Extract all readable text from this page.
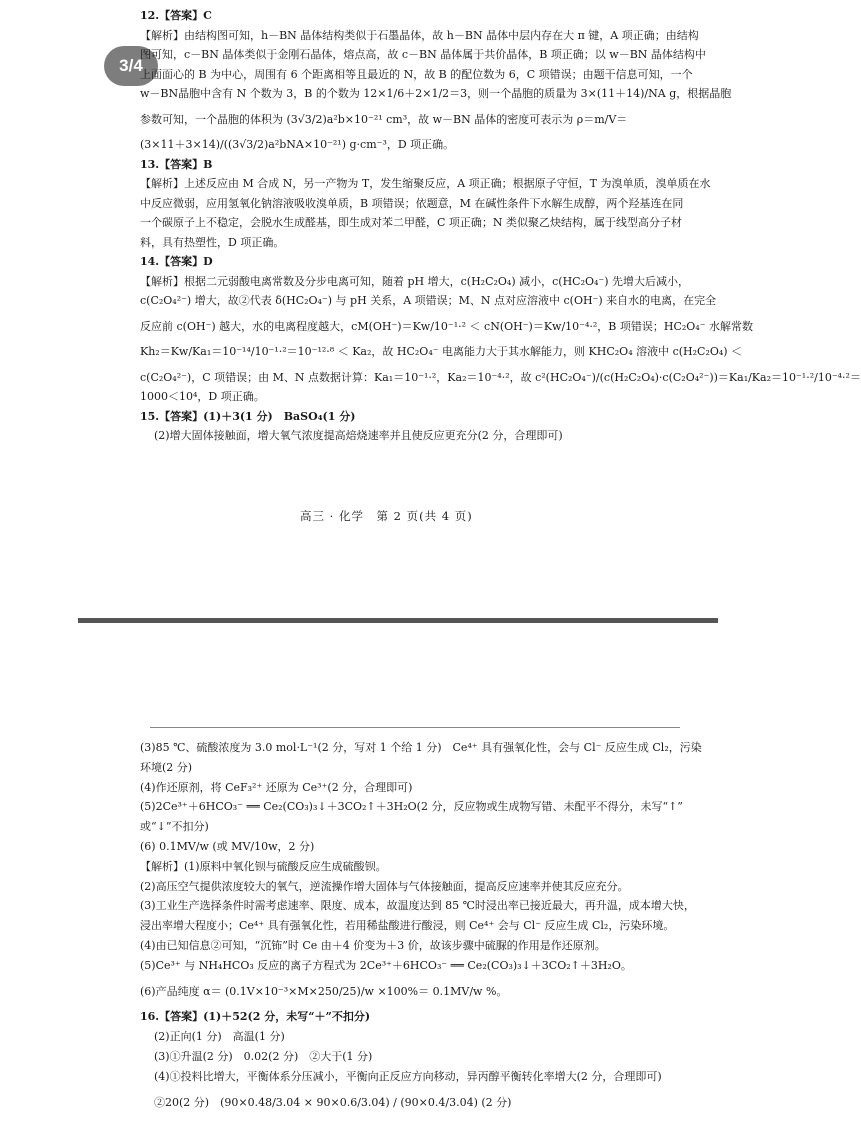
3/4
12.【答案】C
【解析】由结构图可知，h－BN 晶体结构类似于石墨晶体，故 h－BN 晶体中层内存在大 π 键，A 项正确；由结构
图可知，c－BN 晶体类似于金刚石晶体，熔点高，故 c－BN 晶体属于共价晶体，B 项正确；以 w－BN 晶体结构中
上面面心的 B 为中心，周围有 6 个距离相等且最近的 N，故 B 的配位数为 6，C 项错误；由题干信息可知，一个
w－BN晶胞中含有 N 个数为 3，B 的个数为 12×1/6＋2×1/2＝3，则一个晶胞的质量为 3×(11＋14)/NA g，根据晶胞
参数可知，一个晶胞的体积为 (3√3/2)a²b×10⁻²¹ cm³，故 w－BN 晶体的密度可表示为 ρ＝m/V＝
(3×11＋3×14)/((3√3/2)a²bNA×10⁻²¹) g·cm⁻³，D 项正确。
13.【答案】B
【解析】上述反应由 M 合成 N，另一产物为 T，发生缩聚反应，A 项正确；根据原子守恒，T 为溴单质，溴单质在水
中反应微弱，应用氢氧化钠溶液吸收溴单质，B 项错误；依题意，M 在碱性条件下水解生成醇，两个羟基连在同
一个碳原子上不稳定，会脱水生成醛基，即生成对苯二甲醛，C 项正确；N 类似聚乙炔结构，属于线型高分子材
料，具有热塑性，D 项正确。
14.【答案】D
【解析】根据二元弱酸电离常数及分步电离可知，随着 pH 增大，c(H₂C₂O₄) 减小，c(HC₂O₄⁻) 先增大后减小，
c(C₂O₄²⁻) 增大，故②代表 δ(HC₂O₄⁻) 与 pH 关系，A 项错误；M、N 点对应溶液中 c(OH⁻) 来自水的电离，在完全
反应前 c(OH⁻) 越大，水的电离程度越大，cM(OH⁻)＝Kw/10⁻¹·² ＜ cN(OH⁻)＝Kw/10⁻⁴·²，B 项错误；HC₂O₄⁻ 水解常数
Kh₂＝Kw/Ka₁＝10⁻¹⁴/10⁻¹·²＝10⁻¹²·⁸ ＜ Ka₂，故 HC₂O₄⁻ 电离能力大于其水解能力，则 KHC₂O₄ 溶液中 c(H₂C₂O₄) ＜
c(C₂O₄²⁻)，C 项错误；由 M、N 点数据计算：Ka₁＝10⁻¹·²，Ka₂＝10⁻⁴·²，故 c²(HC₂O₄⁻)/(c(H₂C₂O₄)·c(C₂O₄²⁻))＝Ka₁/Ka₂＝10⁻¹·²/10⁻⁴·²＝
1000＜10⁴，D 项正确。
15.【答案】(1)＋3(1 分)　BaSO₄(1 分)
(2)增大固体接触面，增大氧气浓度提高焙烧速率并且使反应更充分(2 分，合理即可)
高三 · 化学　第 2 页(共 4 页)
(3)85 ℃、硫酸浓度为 3.0 mol·L⁻¹(2 分，写对 1 个给 1 分)　Ce⁴⁺ 具有强氧化性，会与 Cl⁻ 反应生成 Cl₂，污染
环境(2 分)
(4)作还原剂，将 CeF₃²⁺ 还原为 Ce³⁺(2 分，合理即可)
(5)2Ce³⁺＋6HCO₃⁻ ══ Ce₂(CO₃)₃↓＋3CO₂↑＋3H₂O(2 分，反应物或生成物写错、未配平不得分，未写“↑”
或“↓”不扣分)
(6) 0.1MV/w (或 MV/10w，2 分)
【解析】(1)原料中氧化钡与硫酸反应生成硫酸钡。
(2)高压空气提供浓度较大的氧气，逆流操作增大固体与气体接触面，提高反应速率并使其反应充分。
(3)工业生产选择条件时需考虑速率、限度、成本，故温度达到 85 ℃时浸出率已接近最大，再升温，成本增大快，
浸出率增大程度小；Ce⁴⁺ 具有强氧化性，若用稀盐酸进行酸浸，则 Ce⁴⁺ 会与 Cl⁻ 反应生成 Cl₂，污染环境。
(4)由已知信息②可知，“沉钸”时 Ce 由＋4 价变为＋3 价，故该步骤中硫脲的作用是作还原剂。
(5)Ce³⁺ 与 NH₄HCO₃ 反应的离子方程式为 2Ce³⁺＋6HCO₃⁻ ══ Ce₂(CO₃)₃↓＋3CO₂↑＋3H₂O。
(6)产品纯度 α＝ (0.1V×10⁻³×M×250/25)/w ×100%＝ 0.1MV/w %。
16.【答案】(1)＋52(2 分，未写“＋”不扣分)
(2)正向(1 分)　高温(1 分)
(3)①升温(2 分)　0.02(2 分)　②大于(1 分)
(4)①投料比增大，平衡体系分压减小，平衡向正反应方向移动，异丙醇平衡转化率增大(2 分，合理即可)
②20(2 分)　(90×0.48/3.04 × 90×0.6/3.04) / (90×0.4/3.04) (2 分)
